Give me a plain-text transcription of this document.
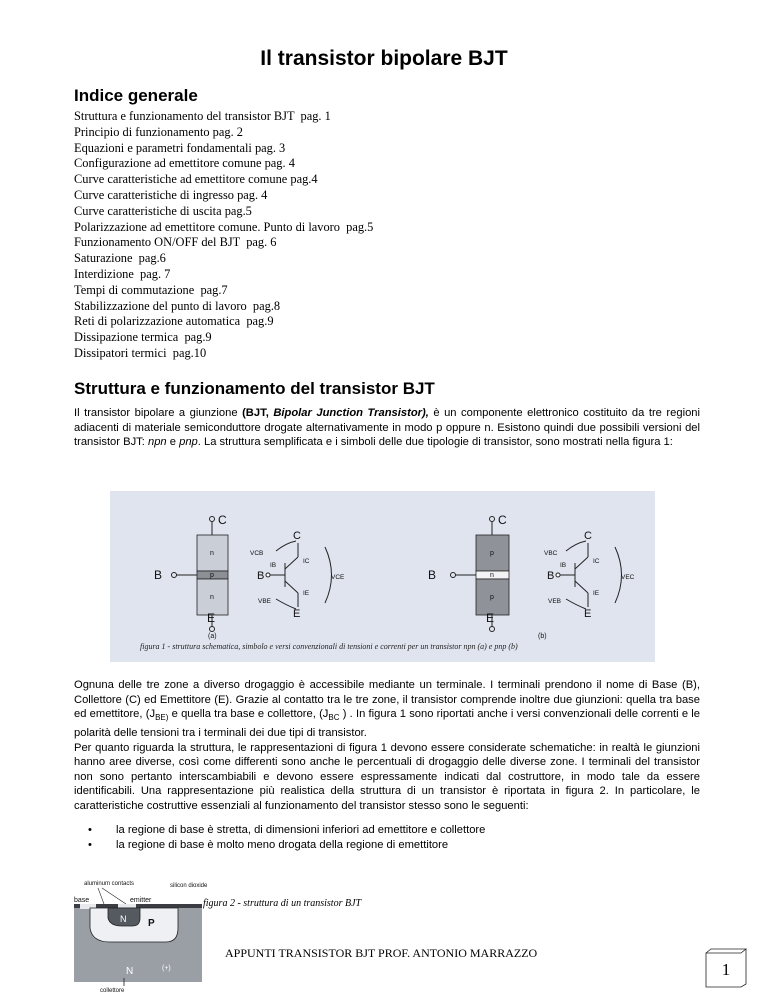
Il transistor bipolare BJT
Indice generale
Struttura e funzionamento del transistor BJT  pag. 1
Principio di funzionamento pag. 2
Equazioni e parametri fondamentali pag. 3
Configurazione ad emettitore comune pag. 4
Curve caratteristiche ad emettitore comune pag.4
Curve caratteristiche di ingresso pag. 4
Curve caratteristiche di uscita pag.5
Polarizzazione ad emettitore comune. Punto di lavoro  pag.5
Funzionamento ON/OFF del BJT  pag. 6
Saturazione  pag.6
Interdizione  pag. 7
Tempi di commutazione  pag.7
Stabilizzazione del punto di lavoro  pag.8
Reti di polarizzazione automatica  pag.9
Dissipazione termica  pag.9
Dissipatori termici  pag.10
Struttura e funzionamento del transistor BJT

Il transistor bipolare a giunzione (BJT, Bipolar Junction Transistor), è un componente elettronico costituito da tre regioni adiacenti di materiale semiconduttore drogate alternativamente in modo p oppure n. Esistono quindi due possibili versioni del transistor BJT: npn e pnp. La struttura semplificata e i simboli delle due tipologie di transistor, sono mostrati nella figura 1:

C
n
p
n
B
E
C
B
E
VCB
VCE
VBE
IC
IB
IE
(a)
C
p
n
p
B
E
C
B
E
VBC
VEC
VEB
IC
IB
IE
(b)
figura 1 - struttura schematica, simbolo e versi convenzionali di tensioni e correnti per un transistor npn (a) e pnp (b)

Ognuna delle tre zone a diverso drogaggio è accessibile mediante un terminale. I terminali prendono il nome di Base (B), Collettore (C) ed Emettitore (E). Grazie al contatto tra le tre zone, il transistor comprende inoltre due giunzioni: quella tra base ed emettitore, ($J_{BE)}$ e quella tra base e collettore, ($J_{BC}$ ) . In figura 1 sono riportati anche i versi convenzionali delle correnti e le polarità delle tensioni tra i terminali dei due tipi di transistor.

Per quanto riguarda la struttura, le rappresentazioni di figura 1 devono essere considerate schematiche: in realtà le giunzioni hanno aree diverse, così come differenti sono anche le percentuali di drogaggio delle diverse zone. I terminali del transistor non sono pertanto interscambiabili e devono essere espressamente indicati dal costruttore, in modo tale da essere identificabili. Una rappresentazione più realistica della struttura di un transistor è riportata in figura 2. In particolare, le caratteristiche costruttive essenziali al funzionamento del transistor stesso sono le seguenti:

• la regione di base è stretta, di dimensioni inferiori ad emettitore e collettore
• la regione di base è molto meno drogata della regione di emettitore
aluminum contacts	silicon dioxide
base	emitter
N P
N	(+)
collettore
figura 2 - struttura di un transistor BJT
APPUNTI TRANSISTOR BJT PROF. ANTONIO MARRAZZO
1
